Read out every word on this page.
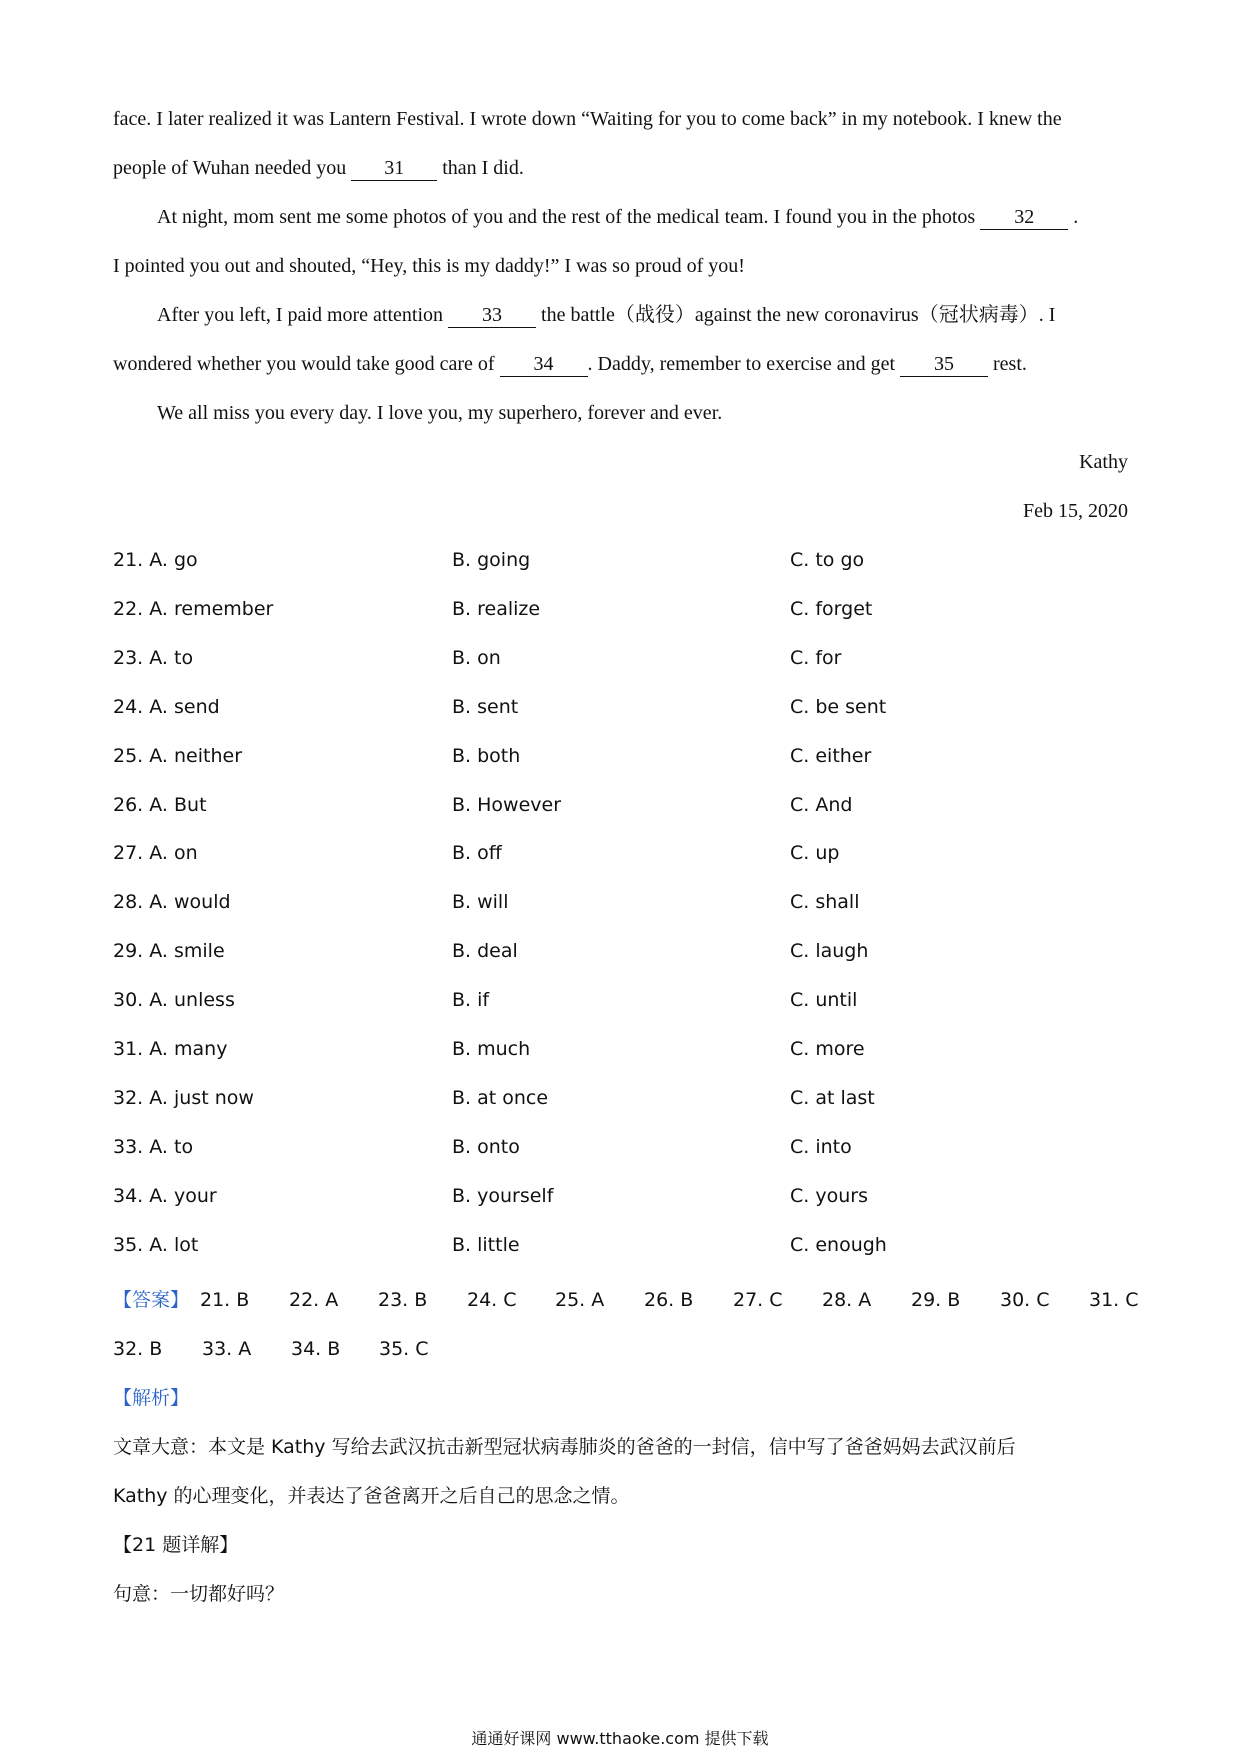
face. I later realized it was Lantern Festival. I wrote down “Waiting for you to come back” in my notebook. I knew the
people of Wuhan needed you 31 than I did.
At night, mom sent me some photos of you and the rest of the medical team. I found you in the photos 32 .
I pointed you out and shouted, “Hey, this is my daddy!” I was so proud of you!
After you left, I paid more attention 33 the battle（战役）against the new coronavirus（冠状病毒）. I
wondered whether you would take good care of 34 . Daddy, remember to exercise and get 35 rest.
We all miss you every day. I love you, my superhero, forever and ever.
Kathy
Feb 15, 2020
21. A. go	B. going	C. to go
22. A. remember	B. realize	C. forget
23. A. to	B. on	C. for
24. A. send	B. sent	C. be sent
25. A. neither	B. both	C. either
26. A. But	B. However	C. And
27. A. on	B. off	C. up
28. A. would	B. will	C. shall
29. A. smile	B. deal	C. laugh
30. A. unless	B. if	C. until
31. A. many	B. much	C. more
32. A. just now	B. at once	C. at last
33. A. to	B. onto	C. into
34. A. your	B. yourself	C. yours
35. A. lot	B. little	C. enough
【答案】 21. B 22. A 23. B 24. C 25. A 26. B 27. C 28. A 29. B 30. C 31. C
32. B 33. A 34. B 35. C
【解析】
文章大意：本文是 Kathy 写给去武汉抗击新型冠状病毒肺炎的爸爸的一封信，信中写了爸爸妈妈去武汉前后
Kathy 的心理变化，并表达了爸爸离开之后自己的思念之情。
【21 题详解】
句意：一切都好吗？
通通好课网 www.tthaoke.com 提供下载
